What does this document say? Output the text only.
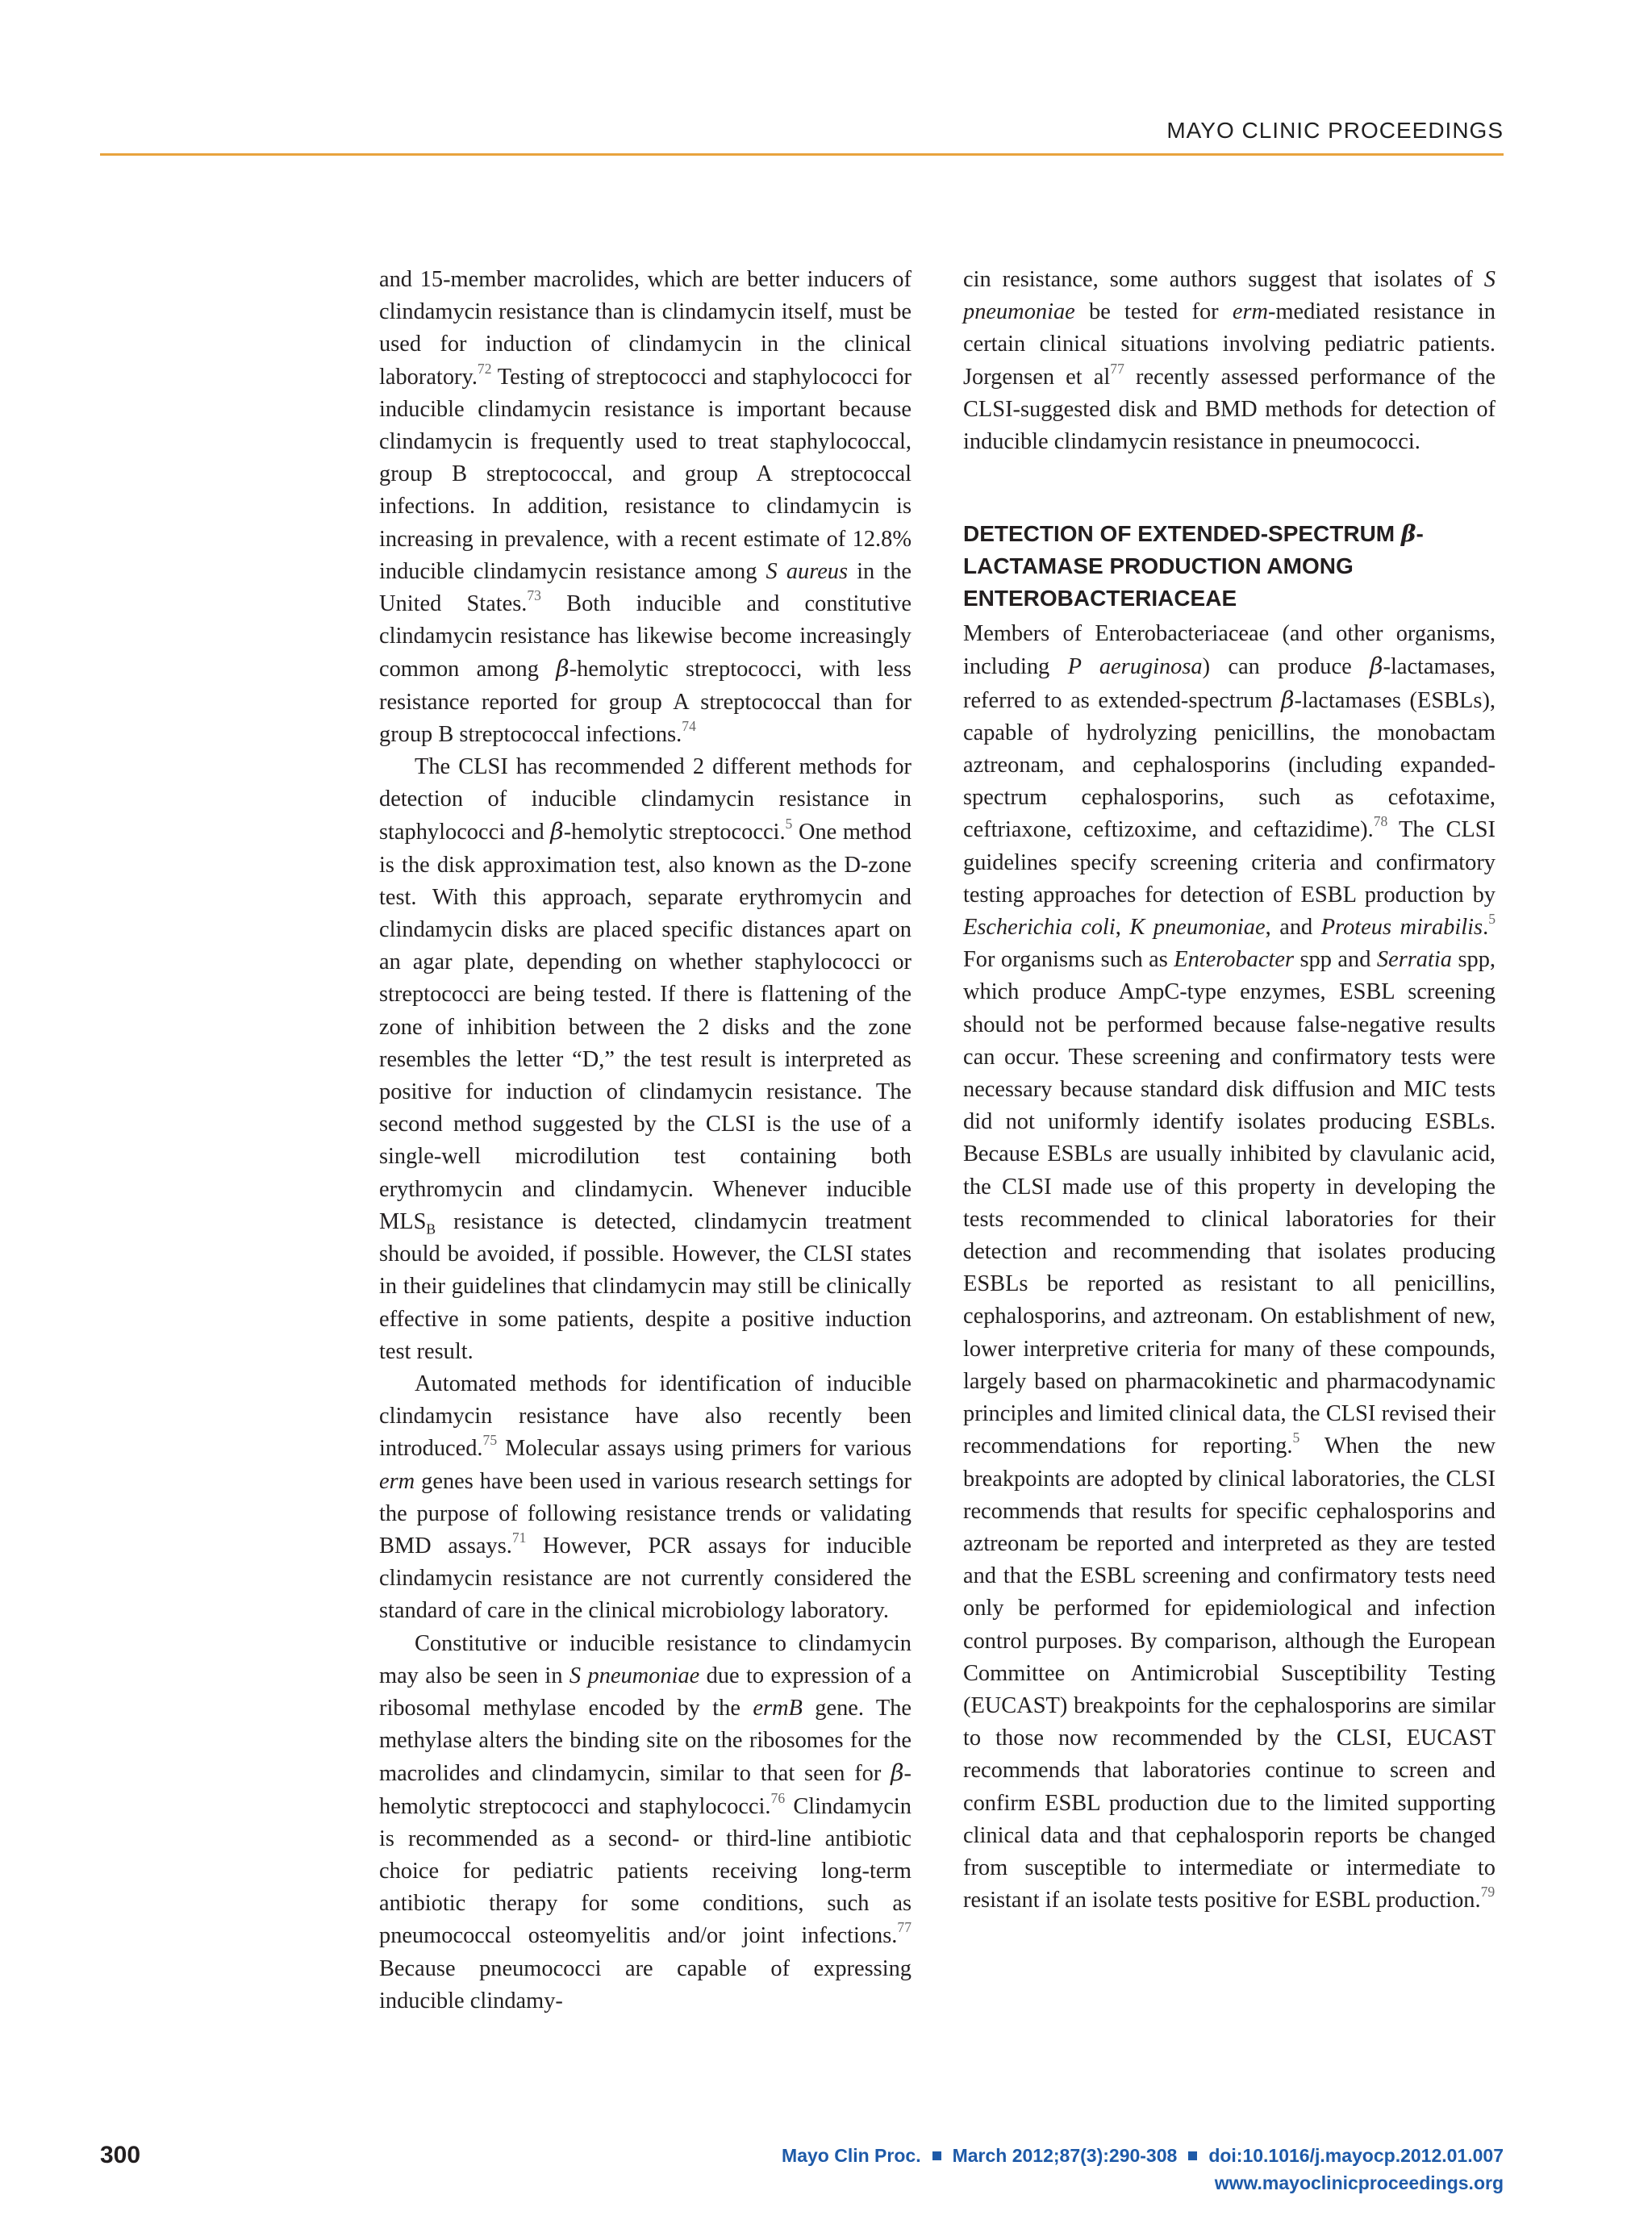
MAYO CLINIC PROCEEDINGS

and 15-member macrolides, which are better inducers of clindamycin resistance than is clindamycin itself, must be used for induction of clindamycin in the clinical laboratory.$^{72}$ Testing of streptococci and staphylococci for inducible clindamycin resistance is important because clindamycin is frequently used to treat staphylococcal, group B streptococcal, and group A streptococcal infections. In addition, resistance to clindamycin is increasing in prevalence, with a recent estimate of 12.8% inducible clindamycin resistance among S aureus in the United States.$^{73}$ Both inducible and constitutive clindamycin resistance has likewise become increasingly common among β-hemolytic streptococci, with less resistance reported for group A streptococcal than for group B streptococcal infections.$^{74}$

The CLSI has recommended 2 different methods for detection of inducible clindamycin resistance in staphylococci and β-hemolytic streptococci.$^5$ One method is the disk approximation test, also known as the D-zone test. With this approach, separate erythromycin and clindamycin disks are placed specific distances apart on an agar plate, depending on whether staphylococci or streptococci are being tested. If there is flattening of the zone of inhibition between the 2 disks and the zone resembles the letter “D,” the test result is interpreted as positive for induction of clindamycin resistance. The second method suggested by the CLSI is the use of a single-well microdilution test containing both erythromycin and clindamycin. Whenever inducible $MLS_B$ resistance is detected, clindamycin treatment should be avoided, if possible. However, the CLSI states in their guidelines that clindamycin may still be clinically effective in some patients, despite a positive induction test result.

Automated methods for identification of inducible clindamycin resistance have also recently been introduced.$^{75}$ Molecular assays using primers for various erm genes have been used in various research settings for the purpose of following resistance trends or validating BMD assays.$^{71}$ However, PCR assays for inducible clindamycin resistance are not currently considered the standard of care in the clinical microbiology laboratory.

Constitutive or inducible resistance to clindamycin may also be seen in S pneumoniae due to expression of a ribosomal methylase encoded by the ermB gene. The methylase alters the binding site on the ribosomes for the macrolides and clindamycin, similar to that seen for β-hemolytic streptococci and staphylococci.$^{76}$ Clindamycin is recommended as a second- or third-line antibiotic choice for pediatric patients receiving long-term antibiotic therapy for some conditions, such as pneumococcal osteomyelitis and/or joint infections.$^{77}$ Because pneumococci are capable of expressing inducible clindamy-

cin resistance, some authors suggest that isolates of S pneumoniae be tested for erm-mediated resistance in certain clinical situations involving pediatric patients. Jorgensen et $al^{77}$ recently assessed performance of the CLSI-suggested disk and BMD methods for detection of inducible clindamycin resistance in pneumococci.

DETECTION OF EXTENDED-SPECTRUM β-LACTAMASE PRODUCTION AMONG ENTEROBACTERIACEAE

Members of Enterobacteriaceae (and other organisms, including P aeruginosa) can produce β-lactamases, referred to as extended-spectrum β-lactamases (ESBLs), capable of hydrolyzing penicillins, the monobactam aztreonam, and cephalosporins (including expanded-spectrum cephalosporins, such as cefotaxime, ceftriaxone, ceftizoxime, and ceftazidime).$^{78}$ The CLSI guidelines specify screening criteria and confirmatory testing approaches for detection of ESBL production by Escherichia coli, K pneumoniae, and Proteus mirabilis.$^5$ For organisms such as Enterobacter spp and Serratia spp, which produce AmpC-type enzymes, ESBL screening should not be performed because false-negative results can occur. These screening and confirmatory tests were necessary because standard disk diffusion and MIC tests did not uniformly identify isolates producing ESBLs. Because ESBLs are usually inhibited by clavulanic acid, the CLSI made use of this property in developing the tests recommended to clinical laboratories for their detection and recommending that isolates producing ESBLs be reported as resistant to all penicillins, cephalosporins, and aztreonam. On establishment of new, lower interpretive criteria for many of these compounds, largely based on pharmacokinetic and pharmacodynamic principles and limited clinical data, the CLSI revised their recommendations for reporting.$^5$ When the new breakpoints are adopted by clinical laboratories, the CLSI recommends that results for specific cephalosporins and aztreonam be reported and interpreted as they are tested and that the ESBL screening and confirmatory tests need only be performed for epidemiological and infection control purposes. By comparison, although the European Committee on Antimicrobial Susceptibility Testing (EUCAST) breakpoints for the cephalosporins are similar to those now recommended by the CLSI, EUCAST recommends that laboratories continue to screen and confirm ESBL production due to the limited supporting clinical data and that cephalosporin reports be changed from susceptible to intermediate or intermediate to resistant if an isolate tests positive for ESBL production.$^{79}$

300	Mayo Clin Proc. March 2012;87(3):290-308 doi:10.1016/j.mayocp.2012.01.007
www.mayoclinicproceedings.org
